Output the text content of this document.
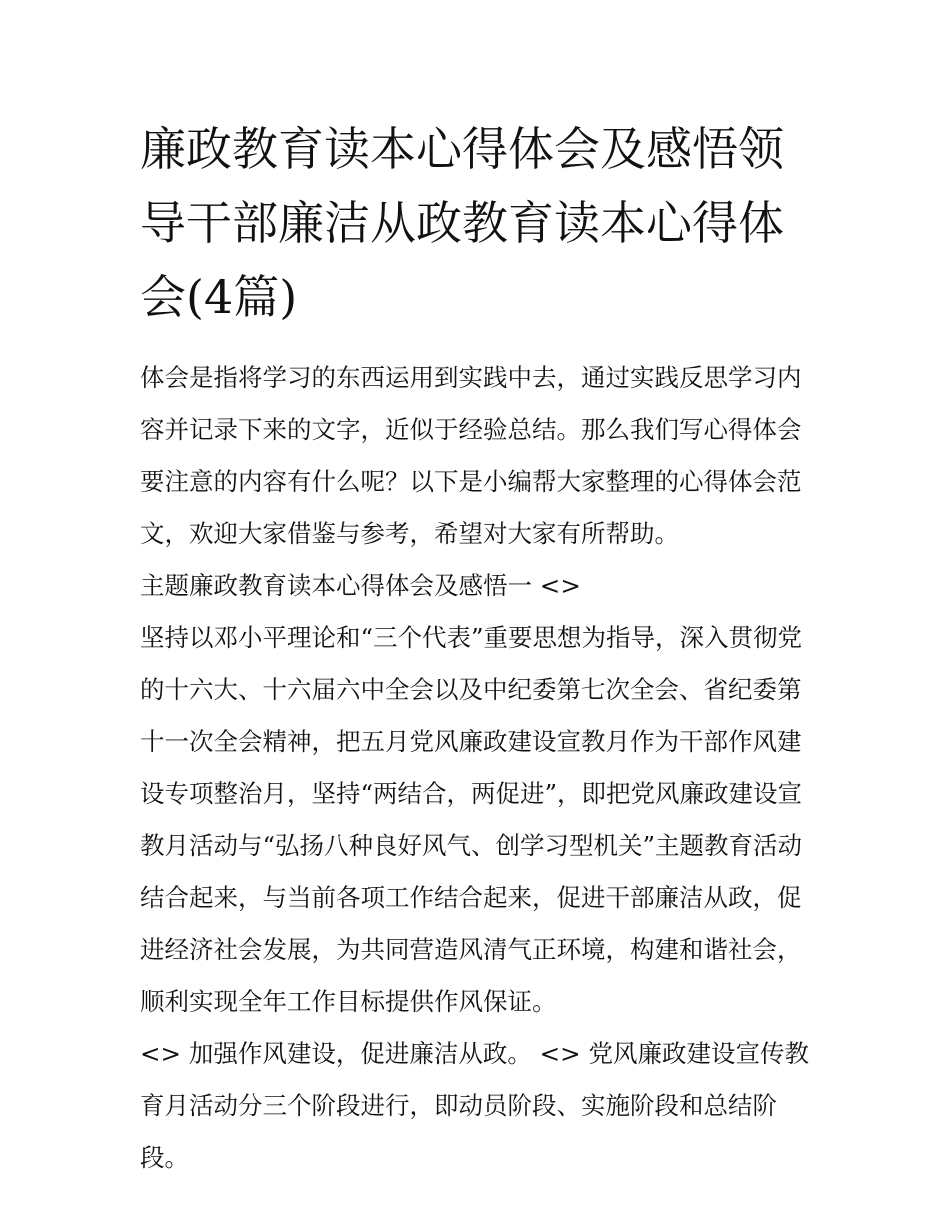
廉政教育读本心得体会及感悟领导干部廉洁从政教育读本心得体会(4篇)

体会是指将学习的东西运用到实践中去，通过实践反思学习内容并记录下来的文字，近似于经验总结。那么我们写心得体会要注意的内容有什么呢？以下是小编帮大家整理的心得体会范文，欢迎大家借鉴与参考，希望对大家有所帮助。

主题廉政教育读本心得体会及感悟一 <>

坚持以邓小平理论和“三个代表”重要思想为指导，深入贯彻党的十六大、十六届六中全会以及中纪委第七次全会、省纪委第十一次全会精神，把五月党风廉政建设宣教月作为干部作风建设专项整治月，坚持“两结合，两促进”，即把党风廉政建设宣教月活动与“弘扬八种良好风气、创学习型机关”主题教育活动结合起来，与当前各项工作结合起来，促进干部廉洁从政，促进经济社会发展，为共同营造风清气正环境，构建和谐社会，顺利实现全年工作目标提供作风保证。

<> 加强作风建设，促进廉洁从政。 <> 党风廉政建设宣传教育月活动分三个阶段进行，即动员阶段、实施阶段和总结阶段。
